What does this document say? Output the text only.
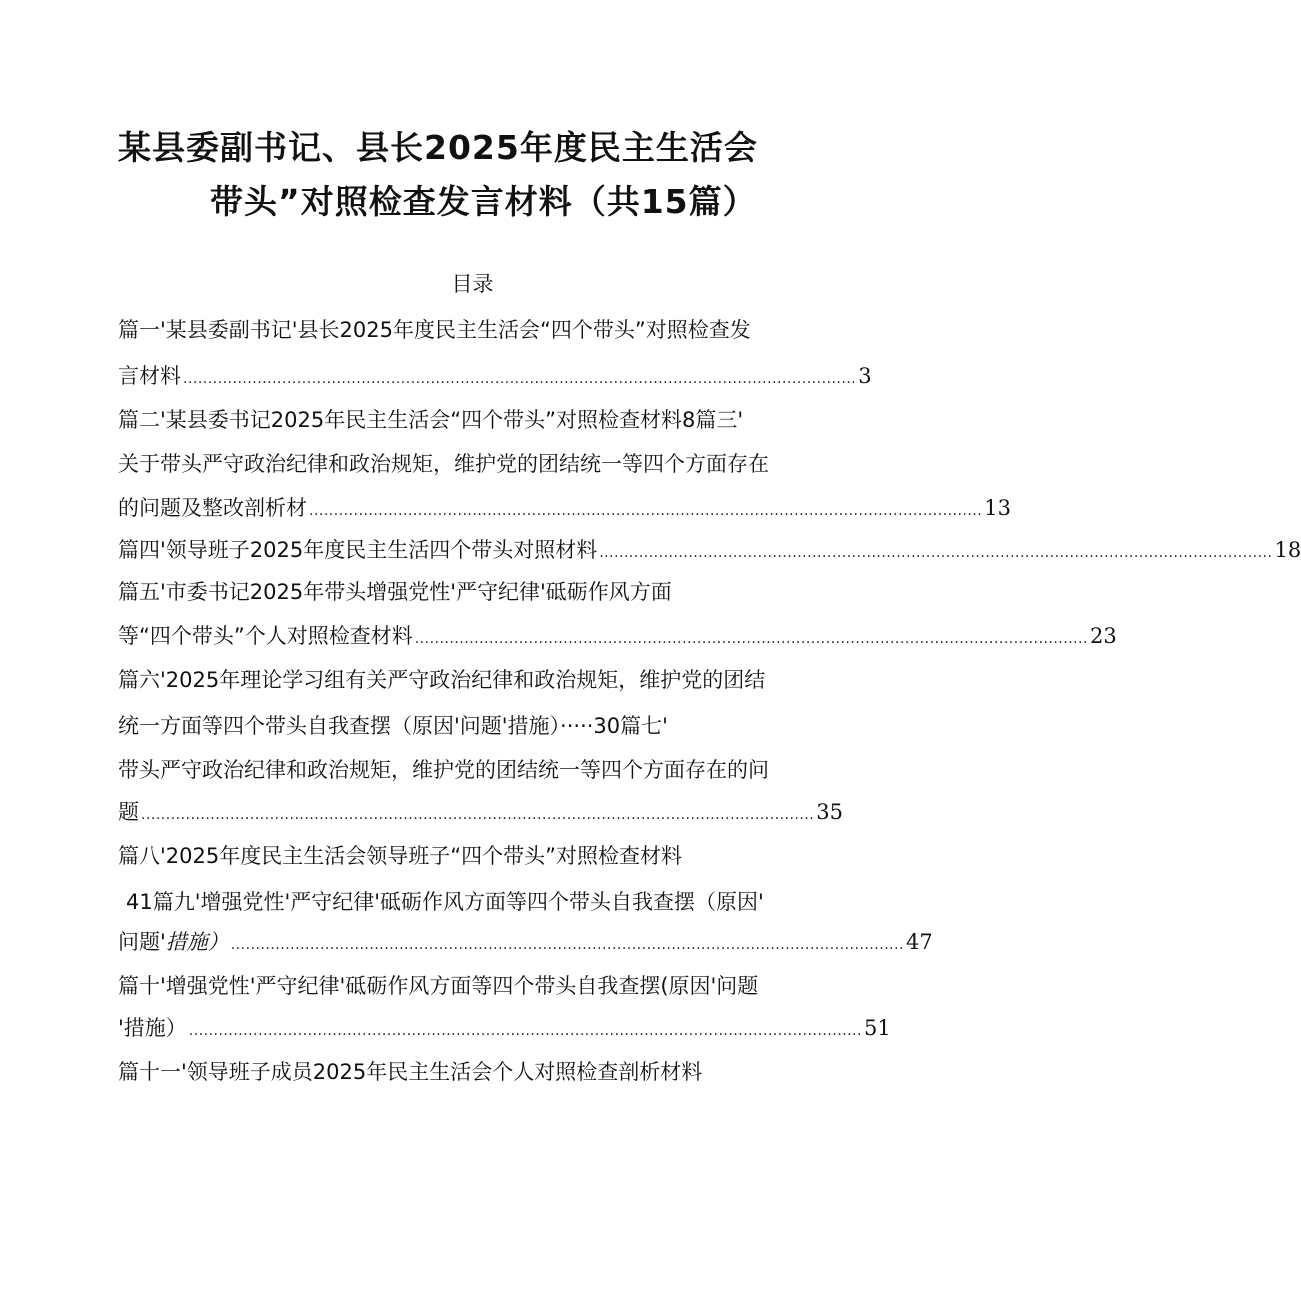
某县委副书记、县长2025年度民主生活会
带头”对照检查发言材料（共15篇）
目录
篇一'某县委副书记'县长2025年度民主生活会“四个带头”对照检查发
言材料 ........................................................................................................................................ 3
篇二'某县委书记2025年民主生活会“四个带头”对照检查材料8篇三'
关于带头严守政治纪律和政治规矩，维护党的团结统一等四个方面存在
的问题及整改剖析材 ........................................................................................................................................ 13
篇四'领导班子2025年度民主生活四个带头对照材料 ........................................................................................................................................ 18
篇五'市委书记2025年带头增强党性'严守纪律'砥砺作风方面
等“四个带头”个人对照检查材料 ........................................................................................................................................ 23
篇六'2025年理论学习组有关严守政治纪律和政治规矩，维护党的团结
统一方面等四个带头自我查摆（原因'问题'措施）·····30篇七'
带头严守政治纪律和政治规矩，维护党的团结统一等四个方面存在的问
题 ........................................................................................................................................ 35
篇八'2025年度民主生活会领导班子“四个带头”对照检查材料
41篇九'增强党性'严守纪律'砥砺作风方面等四个带头自我查摆（原因'
问题'措施） ........................................................................................................................................ 47
篇十'增强党性'严守纪律'砥砺作风方面等四个带头自我查摆(原因'问题
'措施） ........................................................................................................................................ 51
篇十一'领导班子成员2025年民主生活会个人对照检查剖析材料
